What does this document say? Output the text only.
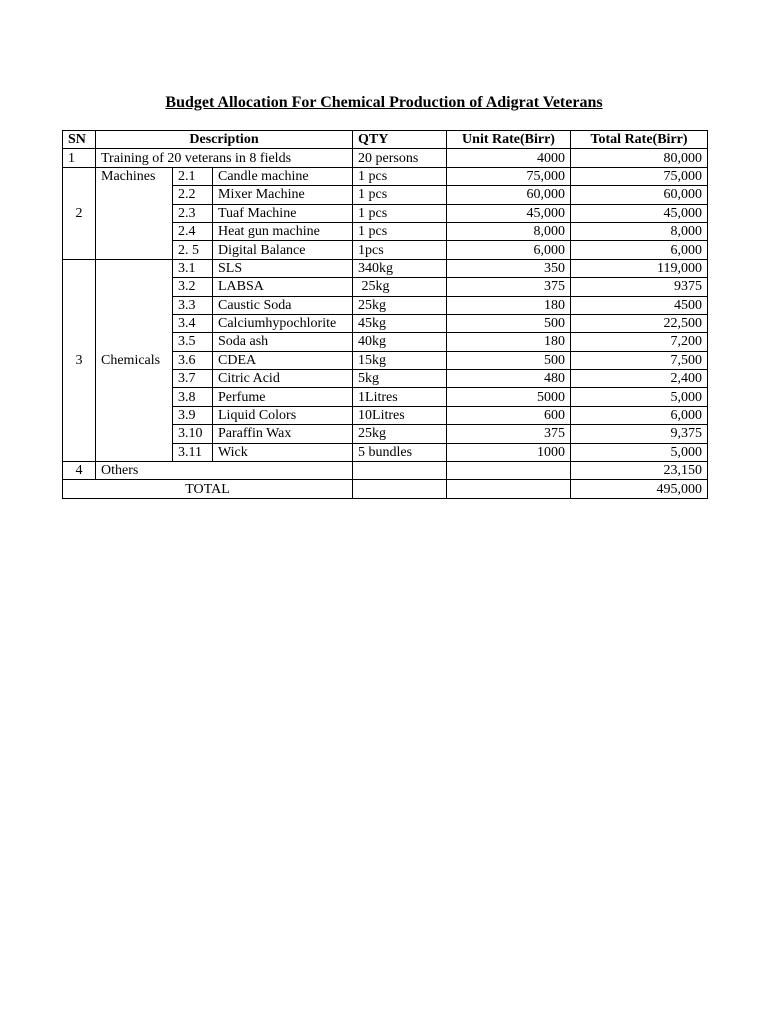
Budget Allocation For Chemical Production of Adigrat Veterans
SN	Description			QTY	Unit Rate(Birr)	Total Rate(Birr)
1	Training of 20 veterans in 8 fields			20 persons	4000	80,000
2	Machines	2.1	Candle machine	1 pcs	75,000	75,000
		2.2	Mixer Machine	1 pcs	60,000	60,000
		2.3	Tuaf Machine	1 pcs	45,000	45,000
		2.4	Heat gun machine	1 pcs	8,000	8,000
		2. 5	Digital Balance	1pcs	6,000	6,000
3	Chemicals	3.1	SLS	340kg	350	119,000
		3.2	LABSA	25kg	375	9375
		3.3	Caustic Soda	25kg	180	4500
		3.4	Calciumhypochlorite	45kg	500	22,500
		3.5	Soda ash	40kg	180	7,200
		3.6	CDEA	15kg	500	7,500
		3.7	Citric Acid	5kg	480	2,400
		3.8	Perfume	1Litres	5000	5,000
		3.9	Liquid Colors	10Litres	600	6,000
		3.10	Paraffin Wax	25kg	375	9,375
		3.11	Wick	5 bundles	1000	5,000
4	Others					23,150
TOTAL						495,000
